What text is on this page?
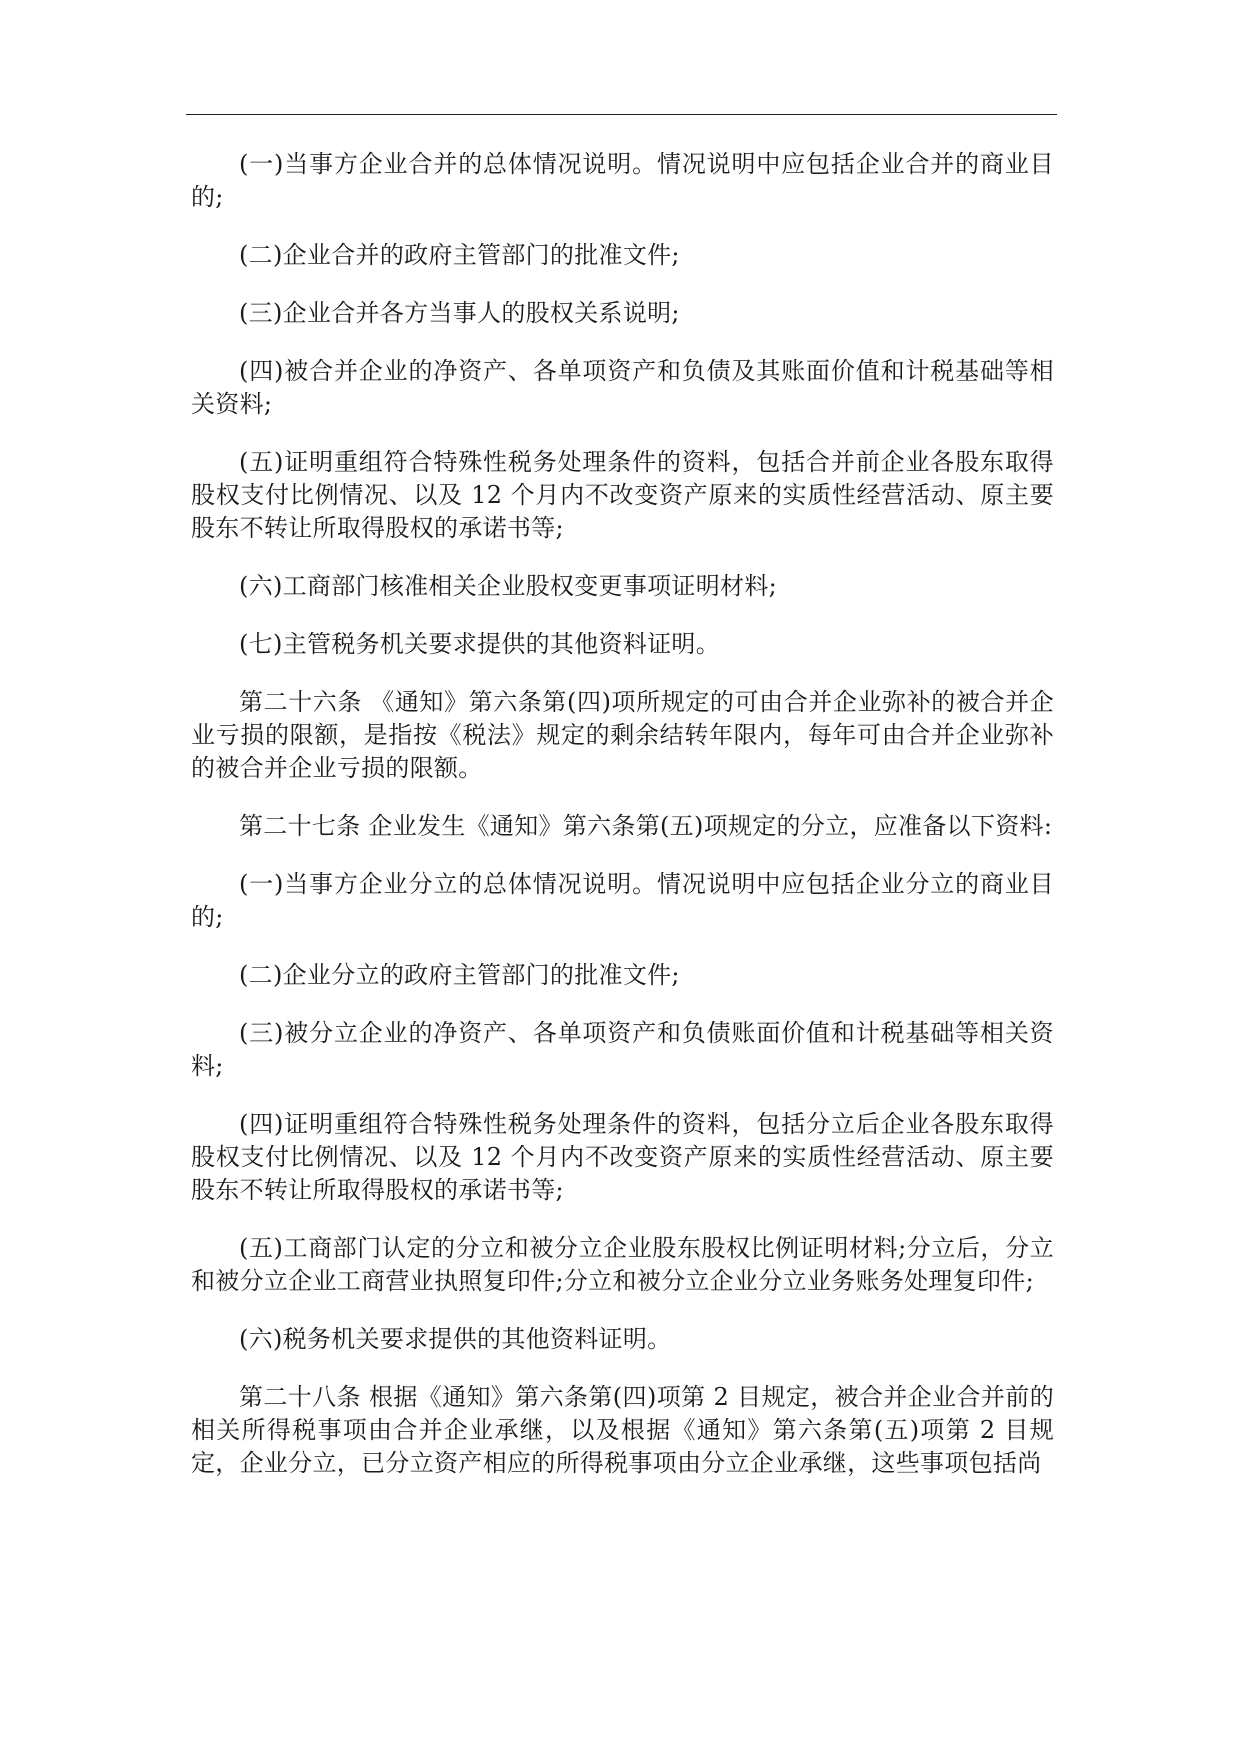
(一)当事方企业合并的总体情况说明。情况说明中应包括企业合并的商业目的;

(二)企业合并的政府主管部门的批准文件;

(三)企业合并各方当事人的股权关系说明;

(四)被合并企业的净资产、各单项资产和负债及其账面价值和计税基础等相关资料;

(五)证明重组符合特殊性税务处理条件的资料，包括合并前企业各股东取得股权支付比例情况、以及 12 个月内不改变资产原来的实质性经营活动、原主要股东不转让所取得股权的承诺书等;

(六)工商部门核准相关企业股权变更事项证明材料;

(七)主管税务机关要求提供的其他资料证明。

第二十六条 《通知》第六条第(四)项所规定的可由合并企业弥补的被合并企业亏损的限额，是指按《税法》规定的剩余结转年限内，每年可由合并企业弥补的被合并企业亏损的限额。

第二十七条 企业发生《通知》第六条第(五)项规定的分立，应准备以下资料:

(一)当事方企业分立的总体情况说明。情况说明中应包括企业分立的商业目的;

(二)企业分立的政府主管部门的批准文件;

(三)被分立企业的净资产、各单项资产和负债账面价值和计税基础等相关资料;

(四)证明重组符合特殊性税务处理条件的资料，包括分立后企业各股东取得股权支付比例情况、以及 12 个月内不改变资产原来的实质性经营活动、原主要股东不转让所取得股权的承诺书等;

(五)工商部门认定的分立和被分立企业股东股权比例证明材料;分立后，分立和被分立企业工商营业执照复印件;分立和被分立企业分立业务账务处理复印件;

(六)税务机关要求提供的其他资料证明。

第二十八条 根据《通知》第六条第(四)项第 2 目规定，被合并企业合并前的相关所得税事项由合并企业承继，以及根据《通知》第六条第(五)项第 2 目规定，企业分立，已分立资产相应的所得税事项由分立企业承继，这些事项包括尚
